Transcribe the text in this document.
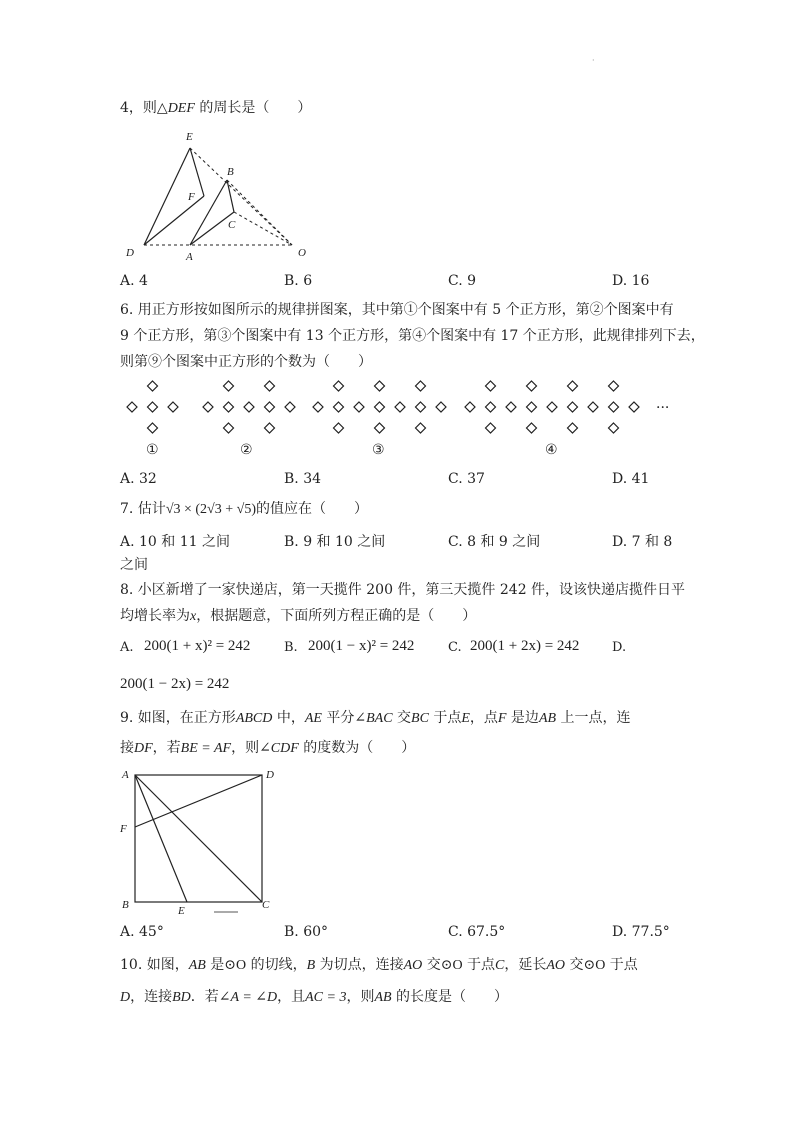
·
4，则△DEF 的周长是（　　）
E
B
F
C
D	A	O
A. 4	B. 6	C. 9	D. 16
6. 用正方形按如图所示的规律拼图案，其中第①个图案中有 5 个正方形，第②个图案中有
9 个正方形，第③个图案中有 13 个正方形，第④个图案中有 17 个正方形，此规律排列下去，
则第⑨个图案中正方形的个数为（　　）
①	②	③	④
···
A. 32	B. 34	C. 37	D. 41
7. 估计√3 × (2√3 + √5)的值应在（　　）
A. 10 和 11 之间	B. 9 和 10 之间	C. 8 和 9 之间	D. 7 和 8
之间
8. 小区新增了一家快递店，第一天揽件 200 件，第三天揽件 242 件，设该快递店揽件日平
均增长率为x，根据题意，下面所列方程正确的是（　　）
A. 200(1 + x)² = 242	B. 200(1 − x)² = 242	C. 200(1 + 2x) = 242	D.
200(1 − 2x) = 242
9. 如图，在正方形ABCD 中，AE 平分∠BAC 交BC 于点E，点F 是边AB 上一点，连
接DF，若BE = AF，则∠CDF 的度数为（　　）
A	D
F
B	E	C
A. 45°	B. 60°	C. 67.5°	D. 77.5°
10. 如图，AB 是⊙O 的切线，B 为切点，连接AO 交⊙O 于点C，延长AO 交⊙O 于点
D，连接BD．若∠A = ∠D，且AC = 3，则AB 的长度是（　　）
